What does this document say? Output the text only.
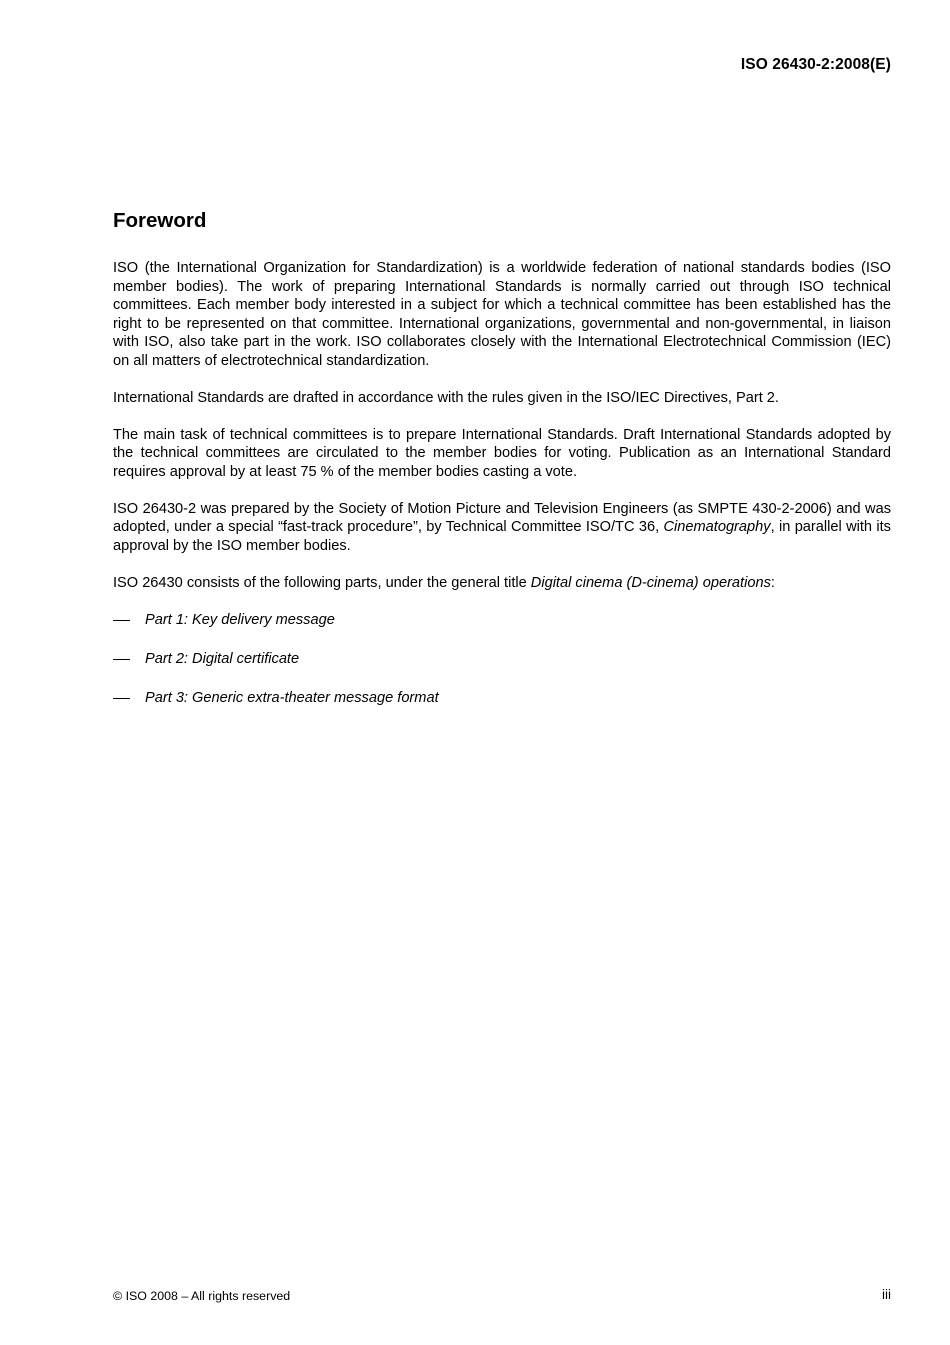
ISO 26430-2:2008(E)
Foreword

ISO (the International Organization for Standardization) is a worldwide federation of national standards bodies (ISO member bodies). The work of preparing International Standards is normally carried out through ISO technical committees. Each member body interested in a subject for which a technical committee has been established has the right to be represented on that committee. International organizations, governmental and non-governmental, in liaison with ISO, also take part in the work. ISO collaborates closely with the International Electrotechnical Commission (IEC) on all matters of electrotechnical standardization.

International Standards are drafted in accordance with the rules given in the ISO/IEC Directives, Part 2.

The main task of technical committees is to prepare International Standards. Draft International Standards adopted by the technical committees are circulated to the member bodies for voting. Publication as an International Standard requires approval by at least 75 % of the member bodies casting a vote.

ISO 26430-2 was prepared by the Society of Motion Picture and Television Engineers (as SMPTE 430-2-2006) and was adopted, under a special “fast-track procedure”, by Technical Committee ISO/TC 36, Cinematography, in parallel with its approval by the ISO member bodies.

ISO 26430 consists of the following parts, under the general title Digital cinema (D-cinema) operations:

Part 1: Key delivery message
Part 2: Digital certificate
Part 3: Generic extra-theater message format
© ISO 2008 – All rights reserved	iii
